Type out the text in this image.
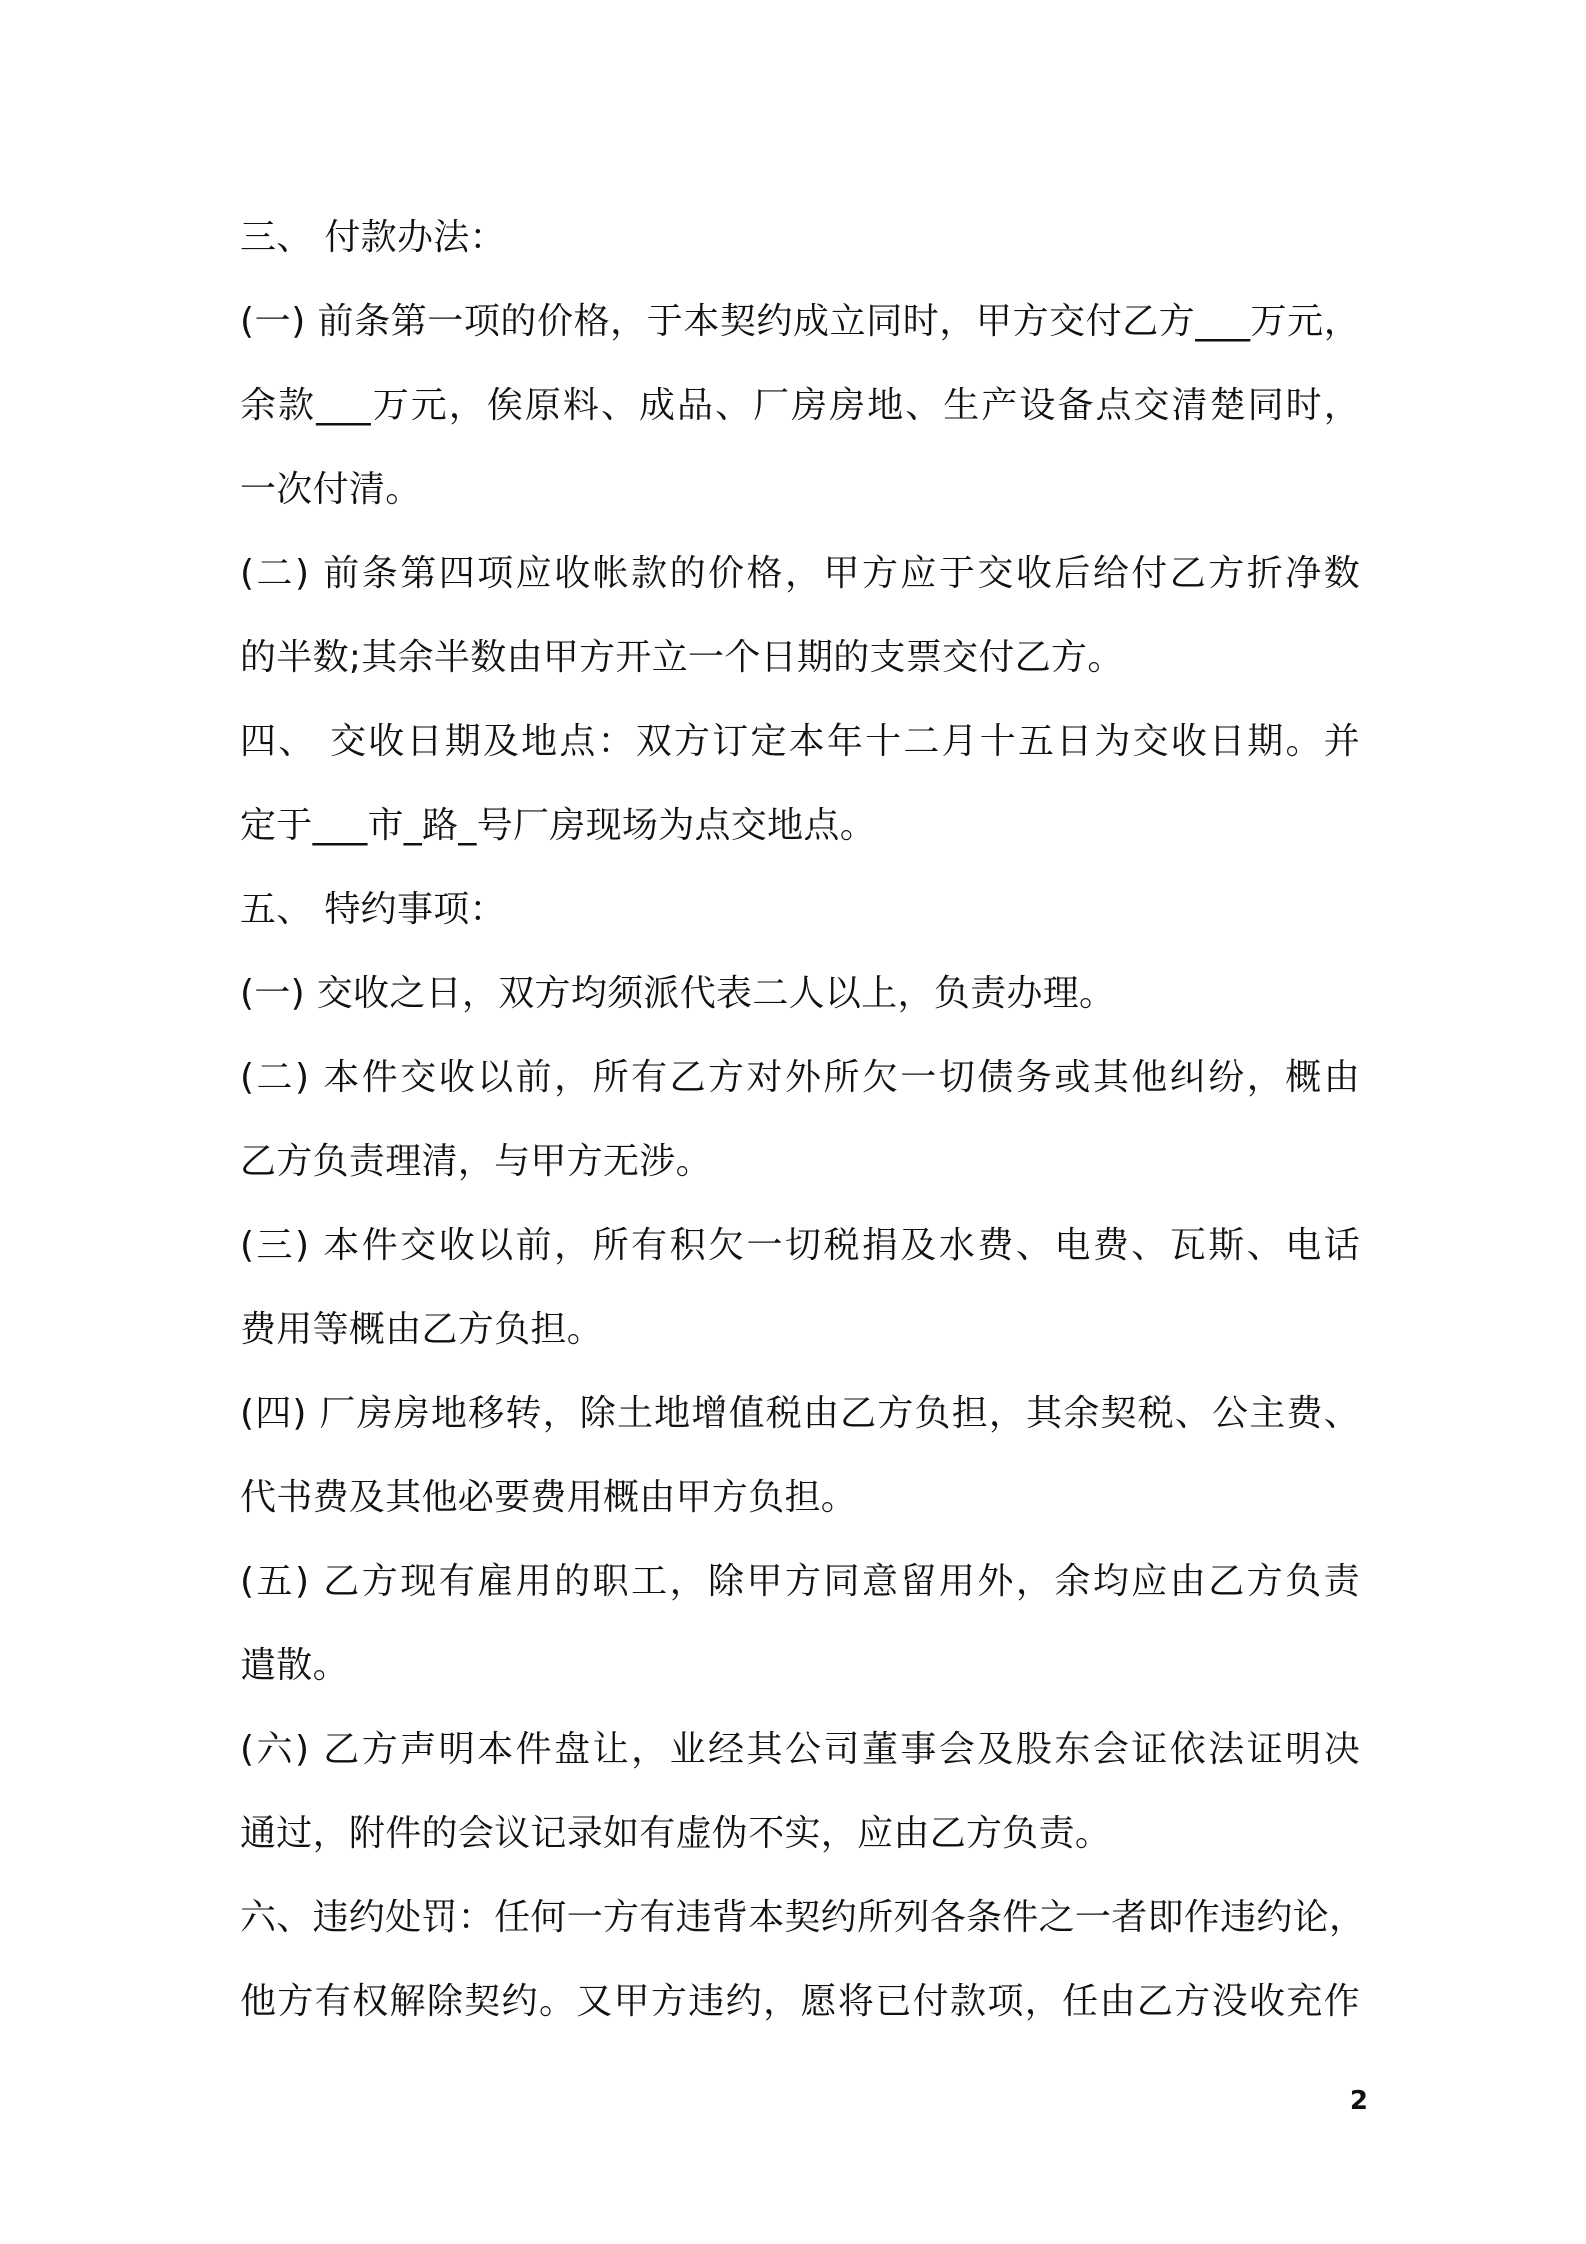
三、 付款办法：
(一) 前条第一项的价格，于本契约成立同时，甲方交付乙方___万元，
余款___万元，俟原料、成品、厂房房地、生产设备点交清楚同时，
一次付清。
(二) 前条第四项应收帐款的价格，甲方应于交收后给付乙方折净数
的半数;其余半数由甲方开立一个日期的支票交付乙方。
四、 交收日期及地点：双方订定本年十二月十五日为交收日期。并
定于___市_路_号厂房现场为点交地点。
五、 特约事项：
(一) 交收之日，双方均须派代表二人以上，负责办理。
(二) 本件交收以前，所有乙方对外所欠一切债务或其他纠纷，概由
乙方负责理清，与甲方无涉。
(三) 本件交收以前，所有积欠一切税捐及水费、电费、瓦斯、电话
费用等概由乙方负担。
(四) 厂房房地移转，除土地增值税由乙方负担，其余契税、公主费、
代书费及其他必要费用概由甲方负担。
(五) 乙方现有雇用的职工，除甲方同意留用外，余均应由乙方负责
遣散。
(六) 乙方声明本件盘让，业经其公司董事会及股东会证依法证明决
通过，附件的会议记录如有虚伪不实，应由乙方负责。
六、违约处罚：任何一方有违背本契约所列各条件之一者即作违约论，
他方有权解除契约。又甲方违约，愿将已付款项，任由乙方没收充作
2
